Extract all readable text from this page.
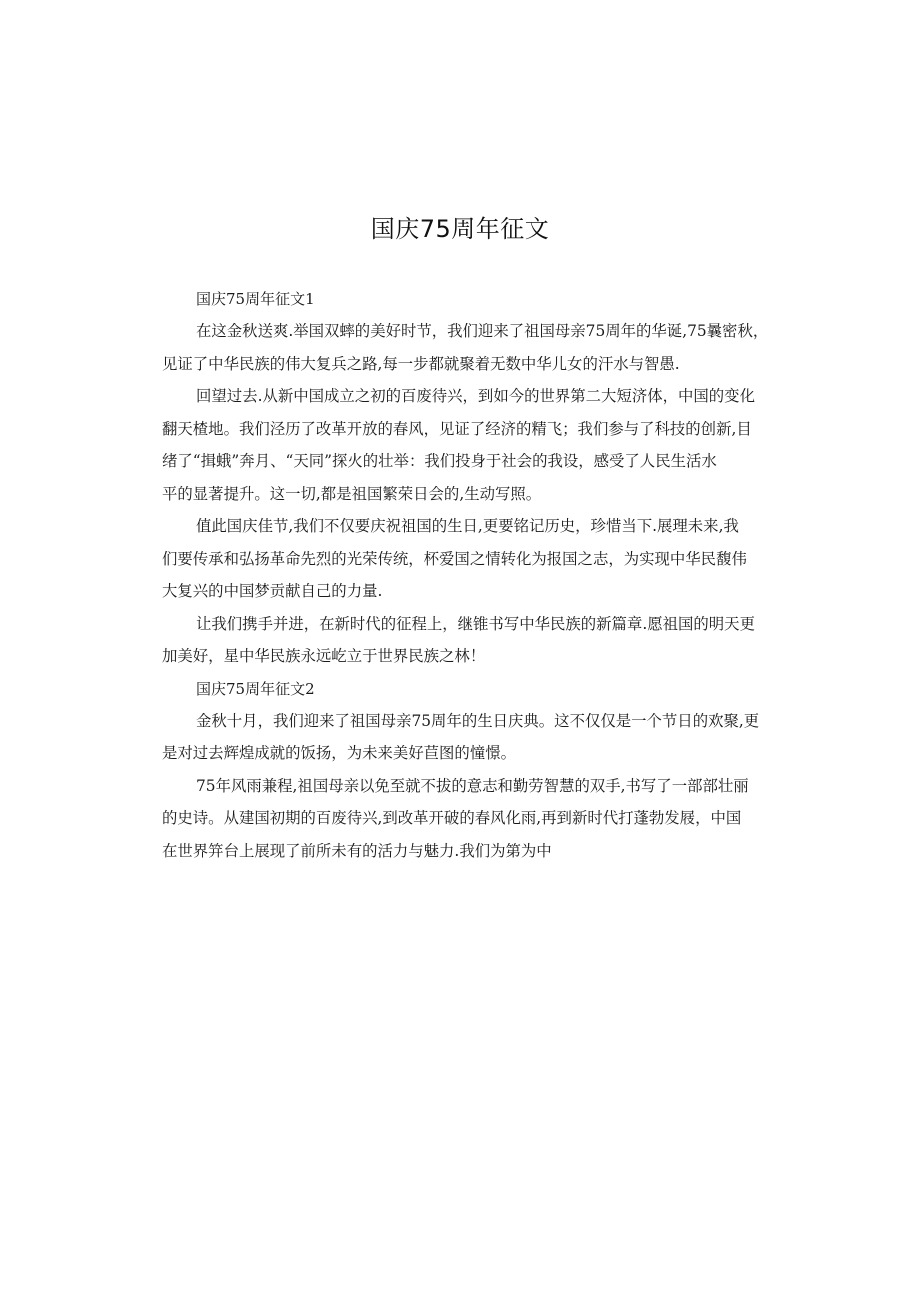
国庆75周年征文
国庆75周年征文1
在这金秋送爽.举国双蟀的美好时节，我们迎来了祖国母亲75周年的华诞,75曩密秋，
见证了中华民族的伟大复兵之路,每一步都就聚着无数中华儿女的汗水与智愚.
回望过去.从新中国成立之初的百废待兴，到如今的世界第二大短济体，中国的变化
翻天楂地。我们泾历了改革开放的春风，见证了经济的精飞；我们参与了科技的创新,目
绪了“揖蛾”奔月、“天同”探火的壮举：我们投身于社会的我设，感受了人民生活水
平的显著提升。这一切,都是祖国繁荣日会的,生动写照。
值此国庆佳节,我们不仅要庆祝祖国的生日,更要铭记历史，珍惜当下.展理未来,我
们要传承和弘扬革命先烈的光荣传统，杯爱国之情转化为报国之志，为实现中华民馥伟
大复兴的中国梦贡献自己的力量.
让我们携手并进，在新时代的征程上，继锥书写中华民族的新篇章.愿祖国的明天更
加美好，星中华民族永远屹立于世界民族之林！
国庆75周年征文2
金秋十月，我们迎来了祖国母亲75周年的生日庆典。这不仅仅是一个节日的欢聚,更
是对过去辉煌成就的饭扬，为未来美好苣图的憧憬。
75年风雨兼程,祖国母亲以免至就不拔的意志和勤劳智慧的双手,书写了一部部壮丽
的史诗。从建国初期的百废待兴,到改革开破的春风化雨,再到新时代打蓬勃发屐，中国
在世界笄台上展现了前所未有的活力与魅力.我们为第为中
